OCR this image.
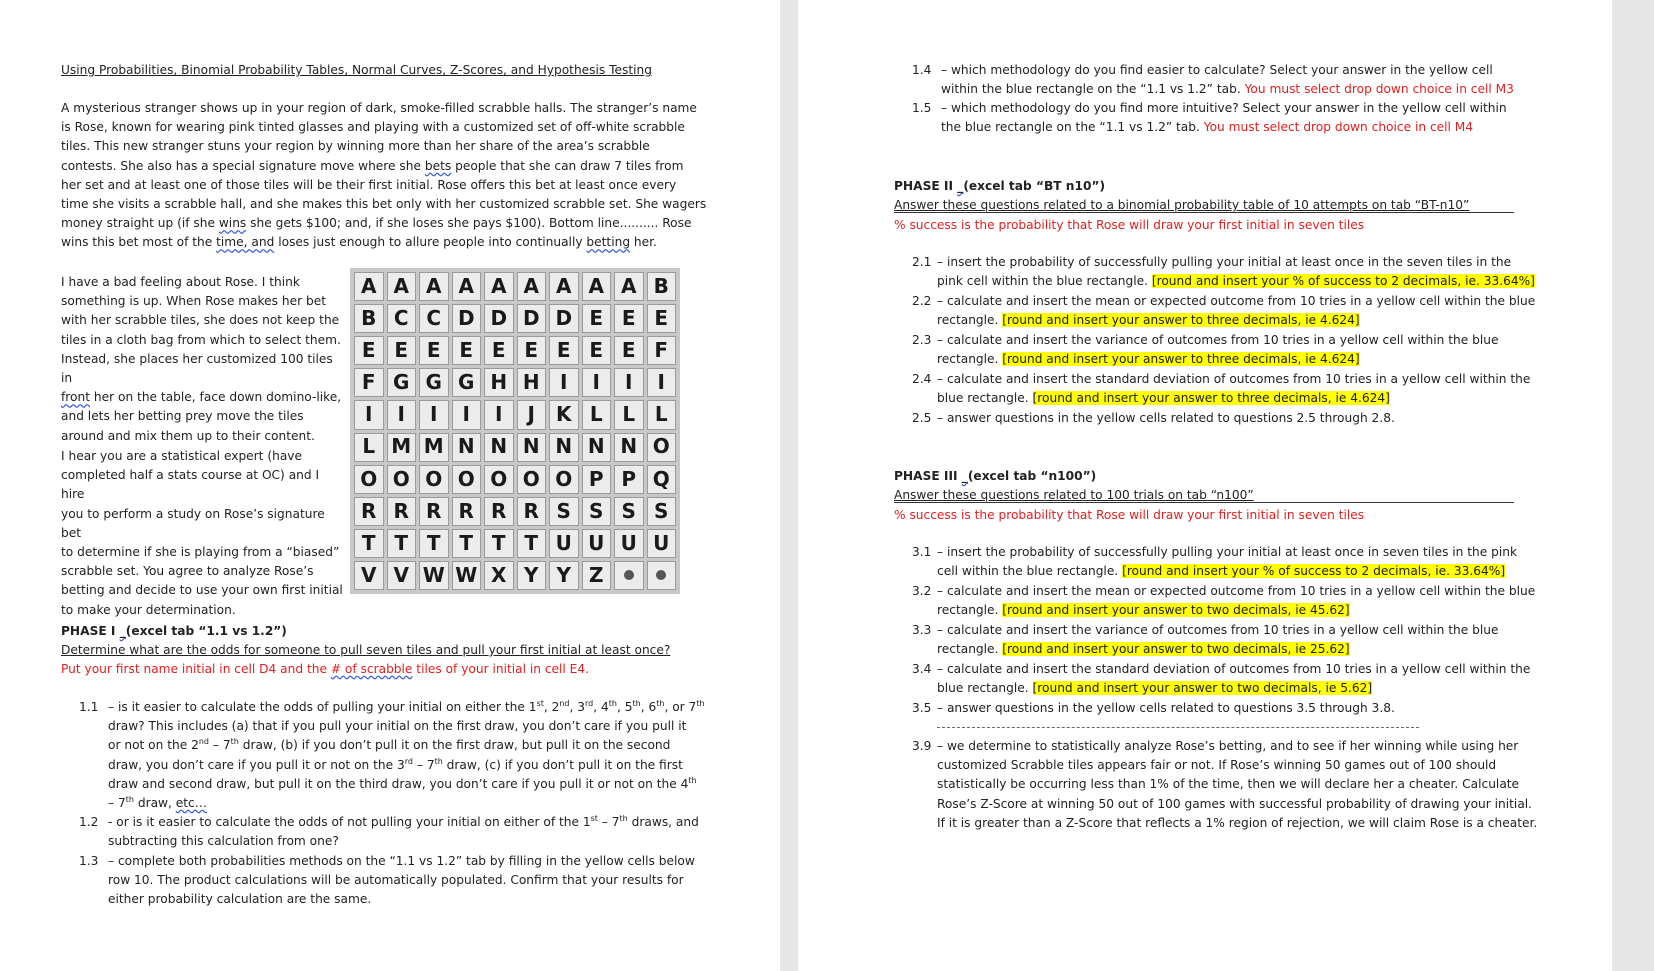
Using Probabilities, Binomial Probability Tables, Normal Curves, Z-Scores, and Hypothesis Testing
A mysterious stranger shows up in your region of dark, smoke-filled scrabble halls. The stranger’s name
is Rose, known for wearing pink tinted glasses and playing with a customized set of off-white scrabble
tiles. This new stranger stuns your region by winning more than her share of the area’s scrabble
contests. She also has a special signature move where she bets people that she can draw 7 tiles from
her set and at least one of those tiles will be their first initial. Rose offers this bet at least once every
time she visits a scrabble hall, and she makes this bet only with her customized scrabble set. She wagers
money straight up (if she wins she gets $100; and, if she loses she pays $100). Bottom line.......... Rose
wins this bet most of the time, and loses just enough to allure people into continually betting her.
I have a bad feeling about Rose. I think
something is up. When Rose makes her bet
with her scrabble tiles, she does not keep the
tiles in a cloth bag from which to select them.
Instead, she places her customized 100 tiles in
front her on the table, face down domino-like,
and lets her betting prey move the tiles
around and mix them up to their content.
I hear you are a statistical expert (have
completed half a stats course at OC) and I hire
you to perform a study on Rose’s signature bet
to determine if she is playing from a “biased”
scrabble set. You agree to analyze Rose’s
betting and decide to use your own first initial
to make your determination.
A A A A A A A A A B
B C C D D D D E E E
E E E E E E E E E F
F G G G H H	I	I	I	I
I	I	I	I	I	J	K L L L
L M M N N N N N N O
O O O O O O O P P Q
R R R R R R S S S S
T T T T T T U U U U
V V W W X Y Y Z
PHASE I _(excel tab “1.1 vs 1.2”)
Determine what are the odds for someone to pull seven tiles and pull your first initial at least once?
Put your first name initial in cell D4 and the # of scrabble tiles of your initial in cell E4.
1.1 – is it easier to calculate the odds of pulling your initial on either the 1st, 2nd, 3rd, 4th, 5th, 6th, or 7th
draw? This includes (a) that if you pull your initial on the first draw, you don’t care if you pull it
or not on the 2nd – 7th draw, (b) if you don’t pull it on the first draw, but pull it on the second
draw, you don’t care if you pull it or not on the 3rd – 7th draw, (c) if you don’t pull it on the first
draw and second draw, but pull it on the third draw, you don’t care if you pull it or not on the 4th
– 7th draw, etc…
1.2 - or is it easier to calculate the odds of not pulling your initial on either of the 1st – 7th draws, and
subtracting this calculation from one?
1.3 – complete both probabilities methods on the “1.1 vs 1.2” tab by filling in the yellow cells below
row 10. The product calculations will be automatically populated. Confirm that your results for
either probability calculation are the same.
1.4 – which methodology do you find easier to calculate? Select your answer in the yellow cell
within the blue rectangle on the “1.1 vs 1.2” tab. You must select drop down choice in cell M3
1.5 – which methodology do you find more intuitive? Select your answer in the yellow cell within
the blue rectangle on the “1.1 vs 1.2” tab. You must select drop down choice in cell M4
PHASE II _(excel tab “BT n10”)
Answer these questions related to a binomial probability table of 10 attempts on tab “BT-n10”
% success is the probability that Rose will draw your first initial in seven tiles
2.1 – insert the probability of successfully pulling your initial at least once in the seven tiles in the
pink cell within the blue rectangle. [round and insert your % of success to 2 decimals, ie. 33.64%]
2.2 – calculate and insert the mean or expected outcome from 10 tries in a yellow cell within the blue
rectangle. [round and insert your answer to three decimals, ie 4.624]
2.3 – calculate and insert the variance of outcomes from 10 tries in a yellow cell within the blue
rectangle. [round and insert your answer to three decimals, ie 4.624]
2.4 – calculate and insert the standard deviation of outcomes from 10 tries in a yellow cell within the
blue rectangle. [round and insert your answer to three decimals, ie 4.624]
2.5 – answer questions in the yellow cells related to questions 2.5 through 2.8.
PHASE III _(excel tab “n100”)
Answer these questions related to 100 trials on tab “n100”
% success is the probability that Rose will draw your first initial in seven tiles
3.1 – insert the probability of successfully pulling your initial at least once in seven tiles in the pink
cell within the blue rectangle. [round and insert your % of success to 2 decimals, ie. 33.64%]
3.2 – calculate and insert the mean or expected outcome from 10 tries in a yellow cell within the blue
rectangle. [round and insert your answer to two decimals, ie 45.62]
3.3 – calculate and insert the variance of outcomes from 10 tries in a yellow cell within the blue
rectangle. [round and insert your answer to two decimals, ie 25.62]
3.4 – calculate and insert the standard deviation of outcomes from 10 tries in a yellow cell within the
blue rectangle. [round and insert your answer to two decimals, ie 5.62]
3.5 – answer questions in the yellow cells related to questions 3.5 through 3.8.
3.9 – we determine to statistically analyze Rose’s betting, and to see if her winning while using her
customized Scrabble tiles appears fair or not. If Rose’s winning 50 games out of 100 should
statistically be occurring less than 1% of the time, then we will declare her a cheater. Calculate
Rose’s Z-Score at winning 50 out of 100 games with successful probability of drawing your initial.
If it is greater than a Z-Score that reflects a 1% region of rejection, we will claim Rose is a cheater.
